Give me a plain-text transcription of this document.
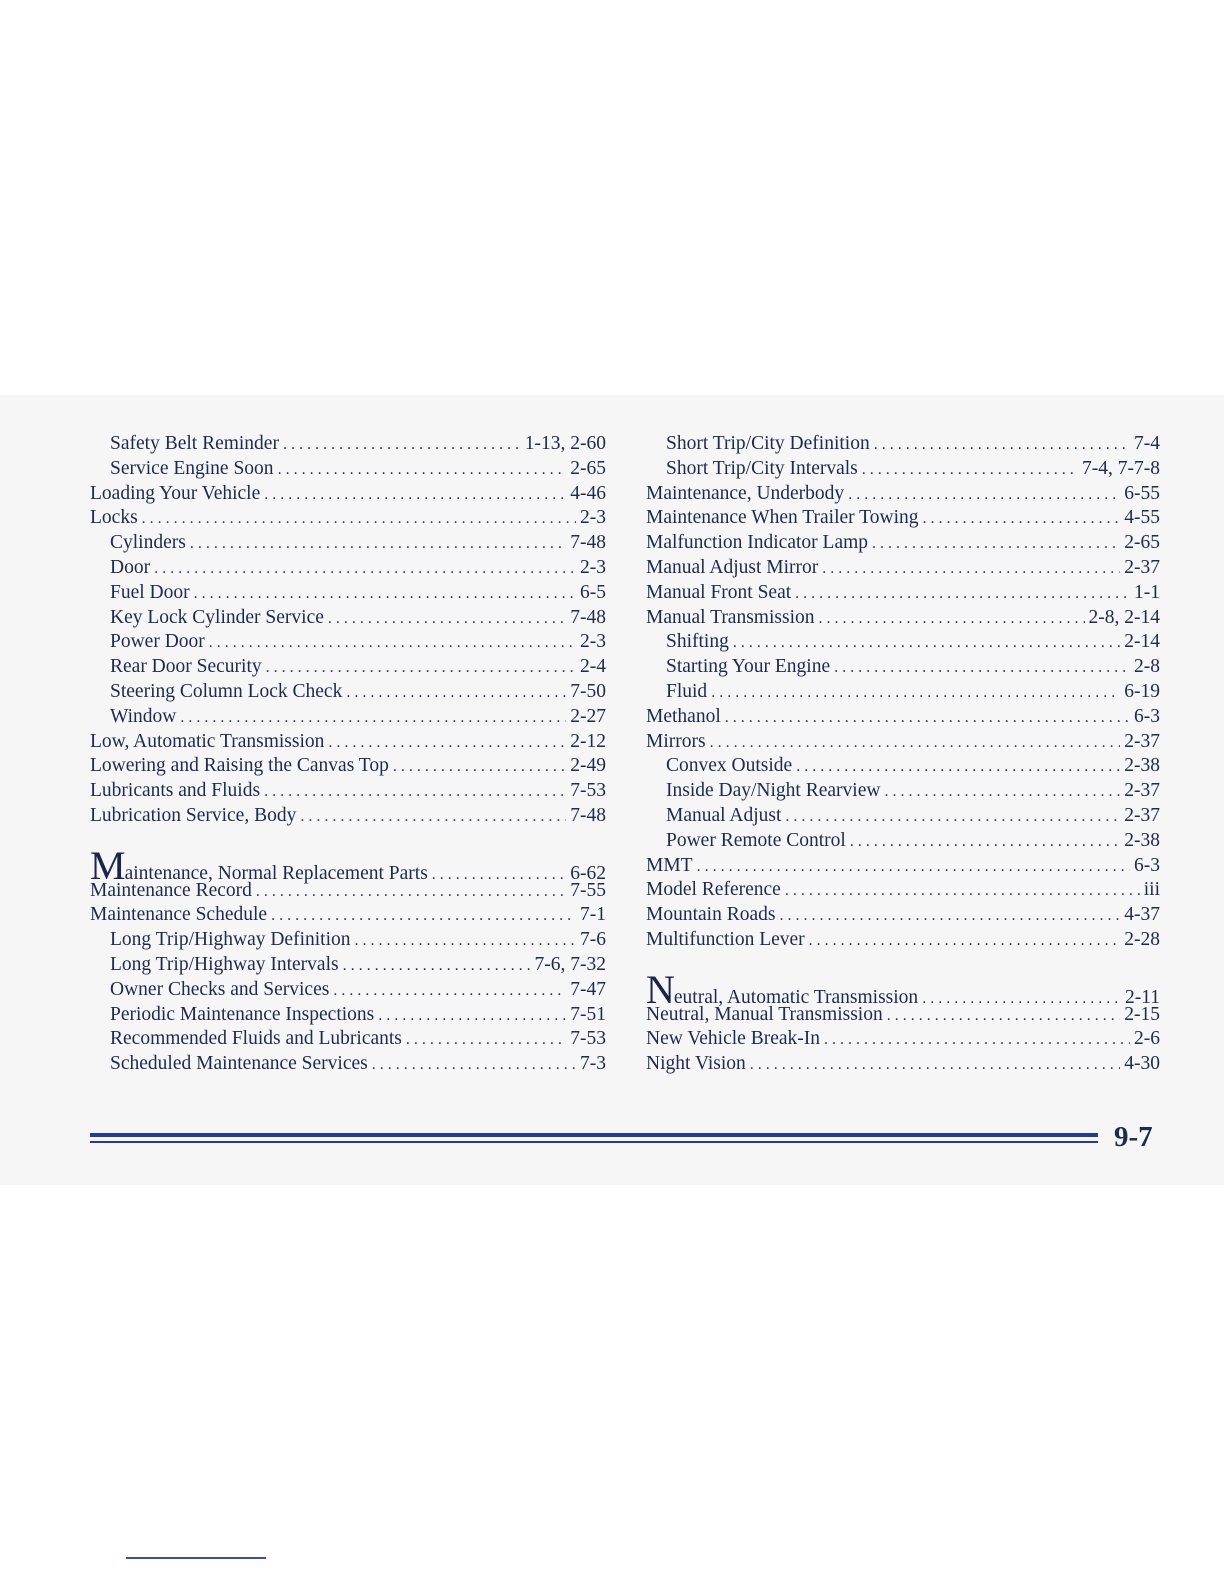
Safety Belt Reminder . . .	1-13, 2-60
Service Engine Soon . . .	2-65
Loading Your Vehicle . . .	4-46
Locks . . .	2-3
Cylinders . . .	7-48
Door . . .	2-3
Fuel Door . . .	6-5
Key Lock Cylinder Service . . .	7-48
Power Door . . .	2-3
Rear Door Security . . .	2-4
Steering Column Lock Check . . .	7-50
Window . . .	2-27
Low, Automatic Transmission . . .	2-12
Lowering and Raising the Canvas Top . . .	2-49
Lubricants and Fluids . . .	7-53
Lubrication Service, Body . . .	7-48
Maintenance, Normal Replacement Parts . . .	6-62
Maintenance Record . . .	7-55
Maintenance Schedule . . .	7-1
Long Trip/Highway Definition . . .	7-6
Long Trip/Highway Intervals . . .	7-6, 7-32
Owner Checks and Services . . .	7-47
Periodic Maintenance Inspections . . .	7-51
Recommended Fluids and Lubricants . . .	7-53
Scheduled Maintenance Services . . .	7-3
Short Trip/City Definition . . .	7-4
Short Trip/City Intervals . . .	7-4, 7-7-8
Maintenance, Underbody . . .	6-55
Maintenance When Trailer Towing . . .	4-55
Malfunction Indicator Lamp . . .	2-65
Manual Adjust Mirror . . .	2-37
Manual Front Seat . . .	1-1
Manual Transmission . . .	2-8, 2-14
Shifting . . .	2-14
Starting Your Engine . . .	2-8
Fluid . . .	6-19
Methanol . . .	6-3
Mirrors . . .	2-37
Convex Outside . . .	2-38
Inside Day/Night Rearview . . .	2-37
Manual Adjust . . .	2-37
Power Remote Control . . .	2-38
MMT . . .	6-3
Model Reference . . .	iii
Mountain Roads . . .	4-37
Multifunction Lever . . .	2-28
Neutral, Automatic Transmission . . .	2-11
Neutral, Manual Transmission . . .	2-15
New Vehicle Break-In . . .	2-6
Night Vision . . .	4-30
9-7
